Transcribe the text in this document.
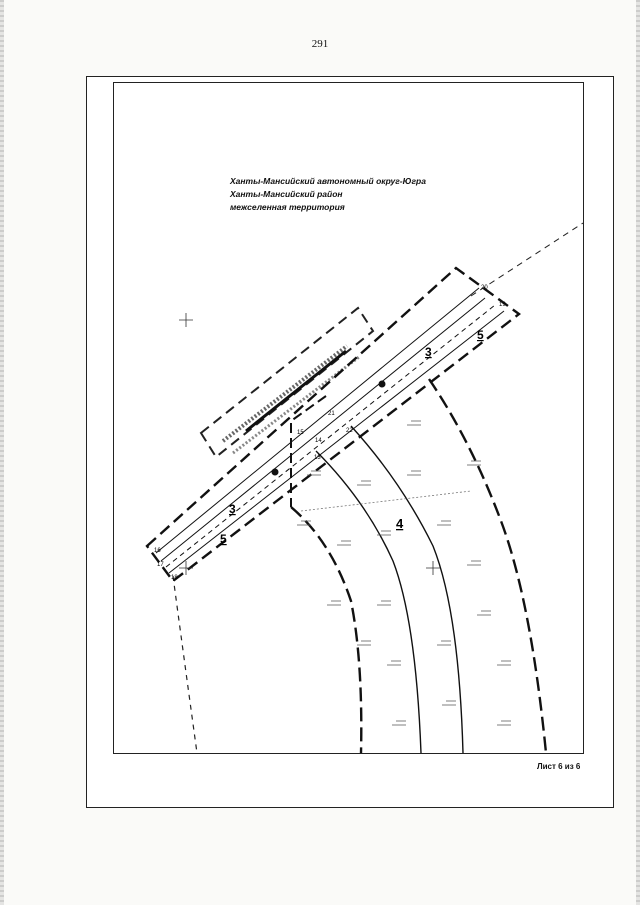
291
3
3
5
5
4
13
14
15
16
17
18
19
20
21
22
Ханты-Мансийский автономный округ-Югра
Ханты-Мансийский район
межселенная территория
Лист 6 из 6
